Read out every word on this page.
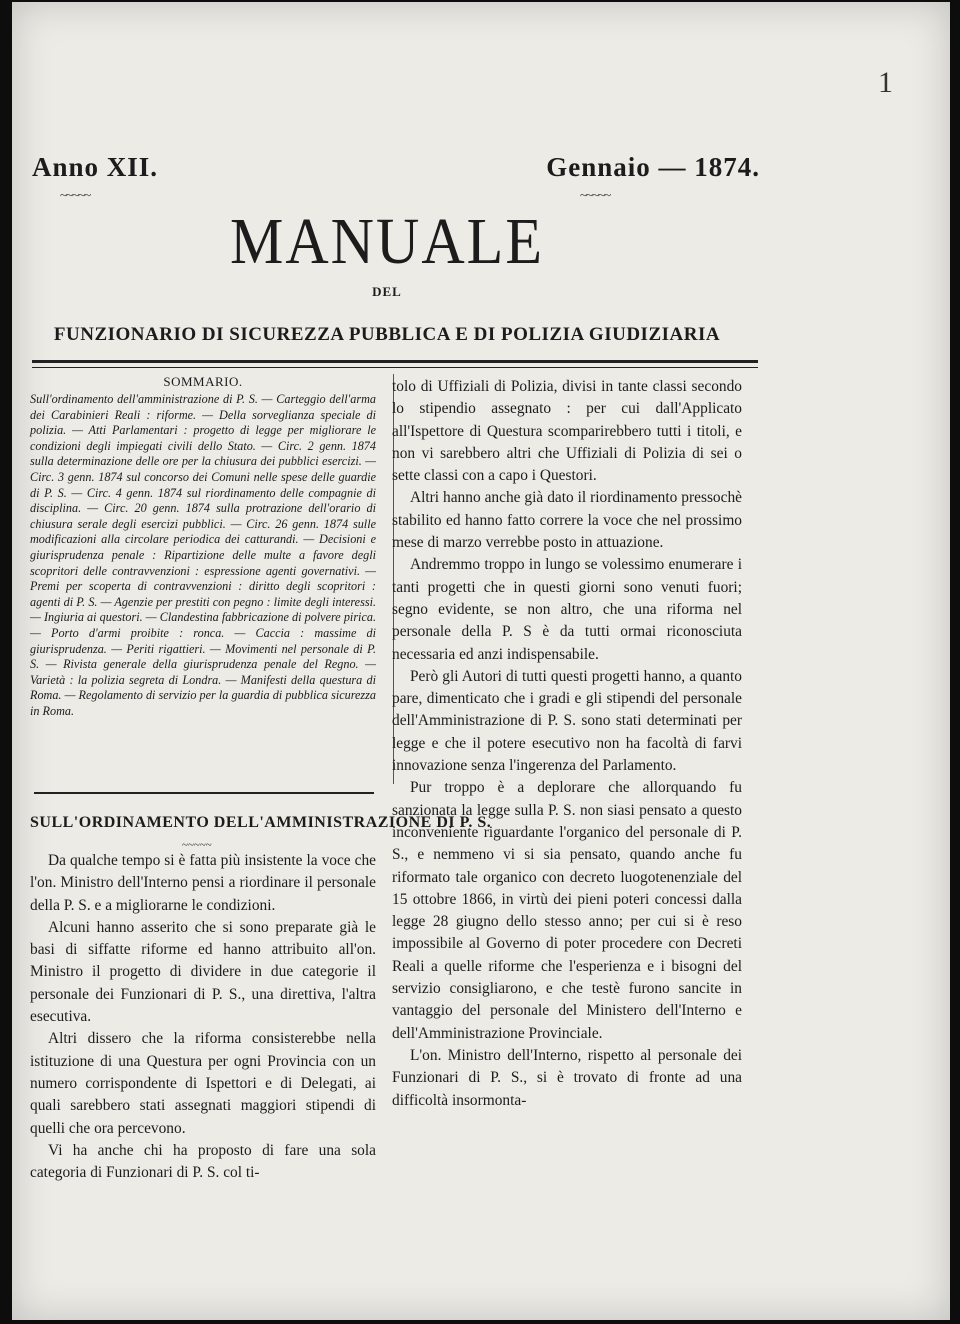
1
Anno XII.	Gennaio — 1874.
~~~~~	~~~~~
MANUALE
DEL
FUNZIONARIO DI SICUREZZA PUBBLICA E DI POLIZIA GIUDIZIARIA

SOMMARIO.

Sull'ordinamento dell'amministrazione di P. S. — Carteggio dell'arma dei Carabinieri Reali : riforme. — Della sorveglianza speciale di polizia. — Atti Parlamentari : progetto di legge per migliorare le condizioni degli impiegati civili dello Stato. — Circ. 2 genn. 1874 sulla determinazione delle ore per la chiusura dei pubblici esercizi. — Circ. 3 genn. 1874 sul concorso dei Comuni nelle spese delle guardie di P. S. — Circ. 4 genn. 1874 sul riordinamento delle compagnie di disciplina. — Circ. 20 genn. 1874 sulla protrazione dell'orario di chiusura serale degli esercizi pubblici. — Circ. 26 genn. 1874 sulle modificazioni alla circolare periodica dei catturandi. — Decisioni e giurisprudenza penale : Ripartizione delle multe a favore degli scopritori delle contravvenzioni : espressione agenti governativi. — Premi per scoperta di contravvenzioni : diritto degli scopritori : agenti di P. S. — Agenzie per prestiti con pegno : limite degli interessi. — Ingiuria ai questori. — Clandestina fabbricazione di polvere pirica. — Porto d'armi proibite : ronca. — Caccia : massime di giurisprudenza. — Periti rigattieri. — Movimenti nel personale di P. S. — Rivista generale della giurisprudenza penale del Regno. — Varietà : la polizia segreta di Londra. — Manifesti della questura di Roma. — Regolamento di servizio per la guardia di pubblica sicurezza in Roma.

SULL'ORDINAMENTO DELL'AMMINISTRAZIONE DI P. S.
~~~~~

Da qualche tempo si è fatta più insistente la voce che l'on. Ministro dell'Interno pensi a riordinare il personale della P. S. e a migliorarne le condizioni.

Alcuni hanno asserito che si sono preparate già le basi di siffatte riforme ed hanno attribuito all'on. Ministro il progetto di dividere in due categorie il personale dei Funzionari di P. S., una direttiva, l'altra esecutiva.

Altri dissero che la riforma consisterebbe nella istituzione di una Questura per ogni Provincia con un numero corrispondente di Ispettori e di Delegati, ai quali sarebbero stati assegnati maggiori stipendi di quelli che ora percevono.

Vi ha anche chi ha proposto di fare una sola categoria di Funzionari di P. S. col ti-

tolo di Uffiziali di Polizia, divisi in tante classi secondo lo stipendio assegnato : per cui dall'Applicato all'Ispettore di Questura scomparirebbero tutti i titoli, e non vi sarebbero altri che Uffiziali di Polizia di sei o sette classi con a capo i Questori.

Altri hanno anche già dato il riordinamento pressochè stabilito ed hanno fatto correre la voce che nel prossimo mese di marzo verrebbe posto in attuazione.

Andremmo troppo in lungo se volessimo enumerare i tanti progetti che in questi giorni sono venuti fuori; segno evidente, se non altro, che una riforma nel personale della P. S è da tutti ormai riconosciuta necessaria ed anzi indispensabile.

Però gli Autori di tutti questi progetti hanno, a quanto pare, dimenticato che i gradi e gli stipendi del personale dell'Amministrazione di P. S. sono stati determinati per legge e che il potere esecutivo non ha facoltà di farvi innovazione senza l'ingerenza del Parlamento.

Pur troppo è a deplorare che allorquando fu sanzionata la legge sulla P. S. non siasi pensato a questo inconveniente riguardante l'organico del personale di P. S., e nemmeno vi si sia pensato, quando anche fu riformato tale organico con decreto luogotenenziale del 15 ottobre 1866, in virtù dei pieni poteri concessi dalla legge 28 giugno dello stesso anno; per cui si è reso impossibile al Governo di poter procedere con Decreti Reali a quelle riforme che l'esperienza e i bisogni del servizio consigliarono, e che testè furono sancite in vantaggio del personale del Ministero dell'Interno e dell'Amministrazione Provinciale.

L'on. Ministro dell'Interno, rispetto al personale dei Funzionari di P. S., si è trovato di fronte ad una difficoltà insormonta-
